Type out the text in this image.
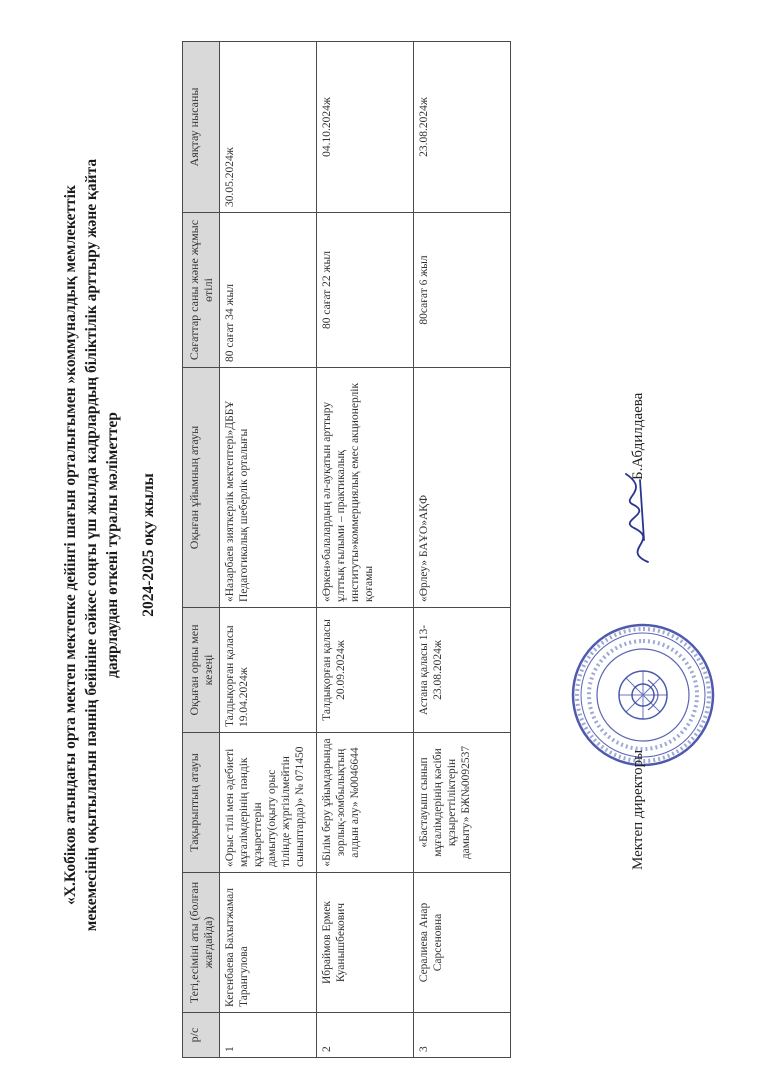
«Х.Кобіков атындағы орта мектеп мектепке дейінгі шағын орталығымен »коммуналдық мемлекеттік мекемесінің оқытылатын пәннің бейініне сәйкес соңғы үш жылда кадрлардың біліктілік арттыру және қайта даярлаудан өткені туралы мәліметтер 2024-2025 оқу жылы
р/с	Тегі,есіміні аты (болған жағдайда)	Тақырыптың атауы	Оқыған орны мен кезеңі	Оқыған ұйымның атауы	Сағаттар саны және жұмыс өтілі	Аяқтау нысаны
1	Кегенбаева Бахытжамал Тарангулова	«Орыс тілі мен әдебиеті мұғалімдерінің пәндік құзыреттерін дамыту(оқыту орыс тілінде жүргізілмейтін сыныптарда)» № 071450	Талдықорған қаласы 19.04.2024ж	«Назарбаев зияткерлік мектептері»ДББҰ Педагогикалық шеберлік орталығы	80 сағат 34 жыл	30.05.2024ж
2	Ибраймов Ермек Куанышбекович	«Білім беру ұйымдарында зорлық-зомбылықтың алдын алу» №0046644	Талдықорған қаласы 20.09.2024ж	«Өркен»балалардың әл-ауқатын арттыру ұлттық ғылыми – практикалық институты»коммерциялық емес акционерлік қоғамы	80 сағат 22 жыл	04.10.2024ж
3	Сералиева Анар Сарсеновна	«Бастауыш сынып мұғалімдерінің кәсіби құзыреттіліктерін дамыту» БЖ№0092537	Астана қаласы 13-23.08.2024ж	«Өрлеу» БАҰО»АҚФ	80сағат 6 жыл	23.08.2024ж
Мектеп директоры
Б.Абдилдаева
